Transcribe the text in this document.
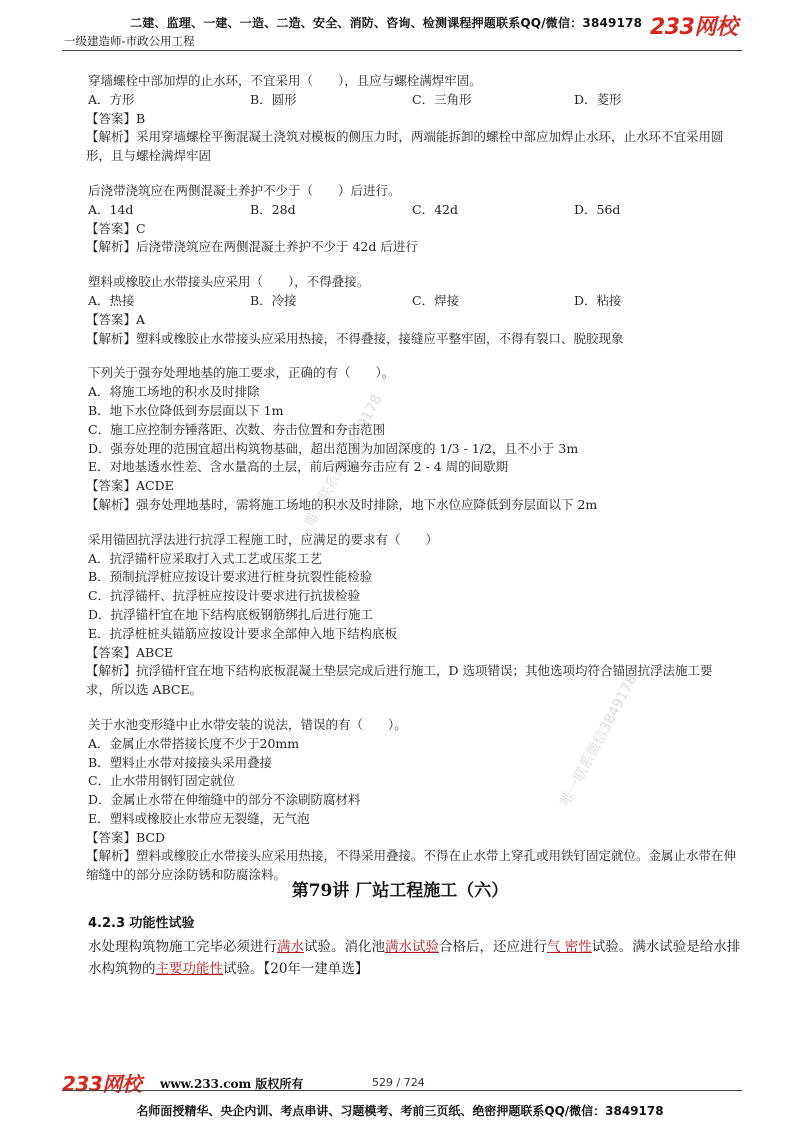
二建、监理、一建、一造、二造、安全、消防、咨询、检测课程押题联系QQ/微信：3849178
一级建造师-市政公用工程
233网校
唯一联系微信3849178
唯一联系微信3849178
穿墙螺栓中部加焊的止水环，不宜采用（　　），且应与螺栓满焊牢固。
A．方形	B．圆形	C．三角形	D．菱形
【答案】B
【解析】采用穿墙螺栓平衡混凝土浇筑对模板的侧压力时，两端能拆卸的螺栓中部应加焊止水环，止水环不宜采用圆形，且与螺栓满焊牢固
后浇带浇筑应在两侧混凝土养护不少于（　　）后进行。
A．14d	B．28d	C．42d	D．56d
【答案】C
【解析】后浇带浇筑应在两侧混凝土养护不少于 42d 后进行
塑料或橡胶止水带接头应采用（　　），不得叠接。
A．热接	B．冷接	C．焊接	D．粘接
【答案】A
【解析】塑料或橡胶止水带接头应采用热接，不得叠接，接缝应平整牢固，不得有裂口、脱胶现象
下列关于强夯处理地基的施工要求，正确的有（　　）。
A．将施工场地的积水及时排除
B．地下水位降低到夯层面以下 1m
C．施工应控制夯锤落距、次数、夯击位置和夯击范围
D．强夯处理的范围宜超出构筑物基础，超出范围为加固深度的 1/3 - 1/2，且不小于 3m
E．对地基透水性差、含水量高的土层，前后两遍夯击应有 2 - 4 周的间歇期
【答案】ACDE
【解析】强夯处理地基时，需将施工场地的积水及时排除，地下水位应降低到夯层面以下 2m
采用锚固抗浮法进行抗浮工程施工时，应满足的要求有（　　）
A．抗浮锚杆应采取打入式工艺或压浆工艺
B．预制抗浮桩应按设计要求进行桩身抗裂性能检验
C．抗浮锚杆、抗浮桩应按设计要求进行抗拔检验
D．抗浮锚杆宜在地下结构底板钢筋绑扎后进行施工
E．抗浮桩桩头锚筋应按设计要求全部伸入地下结构底板
【答案】ABCE
【解析】抗浮锚杆宜在地下结构底板混凝土垫层完成后进行施工，D 选项错误；其他选项均符合锚固抗浮法施工要求，所以选 ABCE。
关于水池变形缝中止水带安装的说法，错误的有（　　）。
A．金属止水带搭接长度不少于20mm
B．塑料止水带对接接头采用叠接
C．止水带用钢钉固定就位
D．金属止水带在伸缩缝中的部分不涂刷防腐材料
E．塑料或橡胶止水带应无裂缝，无气泡
【答案】BCD
【解析】塑料或橡胶止水带接头应采用热接，不得采用叠接。不得在止水带上穿孔或用铁钉固定就位。金属止水带在伸缩缝中的部分应涂防锈和防腐涂料。
第79讲 厂站工程施工（六）
4.2.3 功能性试验
水处理构筑物施工完毕必须进行满水试验。消化池满水试验合格后，还应进行气 密性试验。满水试验是给水排水构筑物的主要功能性试验。【20年一建单选】
233网校 www.233.com 版权所有	529 / 724
名师面授精华、央企内训、考点串讲、习题模考、考前三页纸、绝密押题联系QQ/微信：3849178
